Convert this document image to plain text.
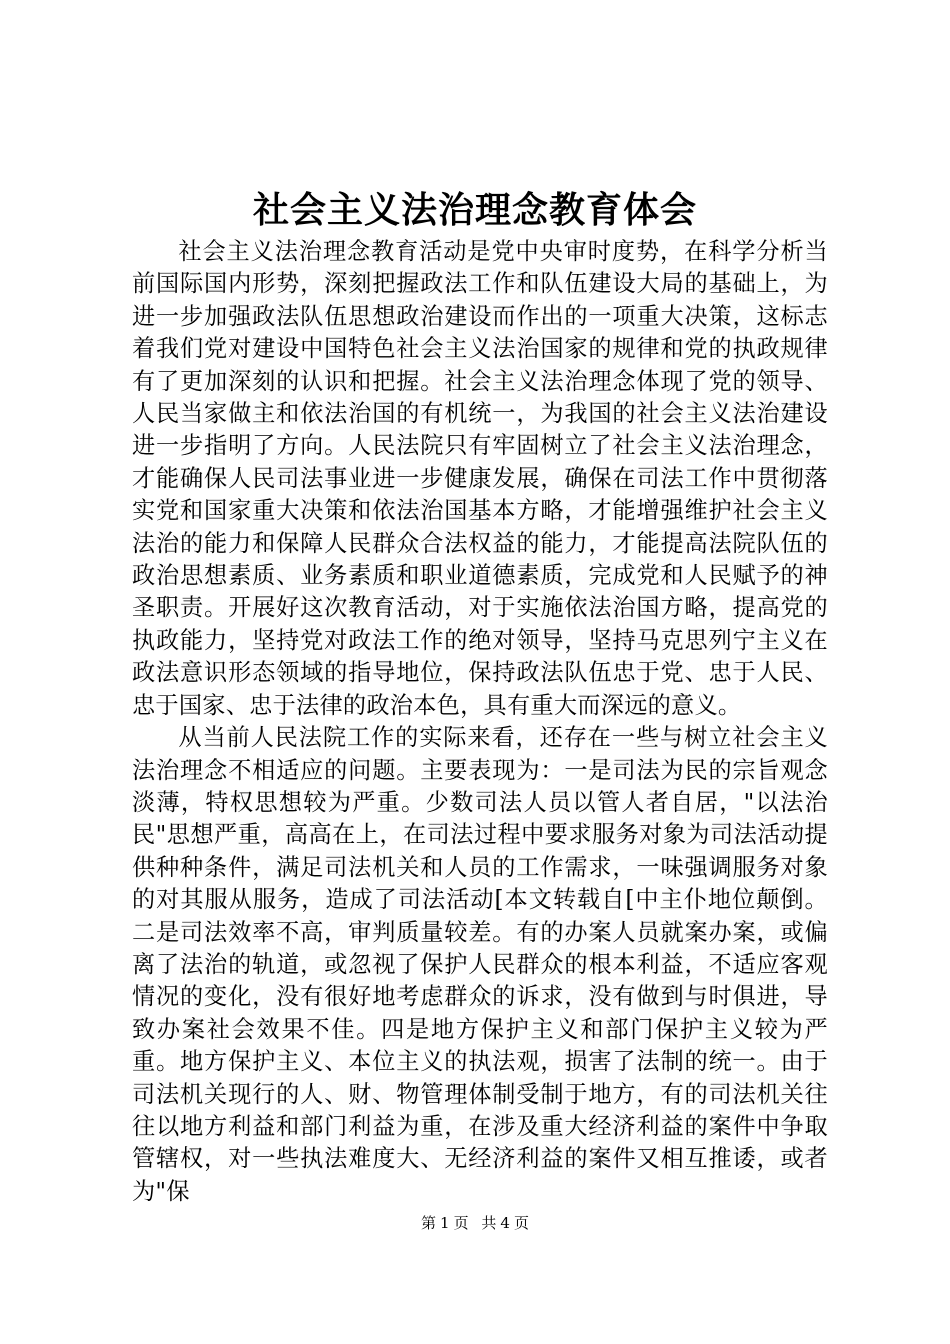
社会主义法治理念教育体会

社会主义法治理念教育活动是党中央审时度势，在科学分析当前国际国内形势，深刻把握政法工作和队伍建设大局的基础上，为进一步加强政法队伍思想政治建设而作出的一项重大决策，这标志着我们党对建设中国特色社会主义法治国家的规律和党的执政规律有了更加深刻的认识和把握。社会主义法治理念体现了党的领导、人民当家做主和依法治国的有机统一，为我国的社会主义法治建设进一步指明了方向。人民法院只有牢固树立了社会主义法治理念，才能确保人民司法事业进一步健康发展，确保在司法工作中贯彻落实党和国家重大决策和依法治国基本方略，才能增强维护社会主义法治的能力和保障人民群众合法权益的能力，才能提高法院队伍的政治思想素质、业务素质和职业道德素质，完成党和人民赋予的神圣职责。开展好这次教育活动，对于实施依法治国方略，提高党的执政能力，坚持党对政法工作的绝对领导，坚持马克思列宁主义在政法意识形态领域的指导地位，保持政法队伍忠于党、忠于人民、忠于国家、忠于法律的政治本色，具有重大而深远的意义。

从当前人民法院工作的实际来看，还存在一些与树立社会主义法治理念不相适应的问题。主要表现为：一是司法为民的宗旨观念淡薄，特权思想较为严重。少数司法人员以管人者自居，"以法治民"思想严重，高高在上，在司法过程中要求服务对象为司法活动提供种种条件，满足司法机关和人员的工作需求，一味强调服务对象的对其服从服务，造成了司法活动[本文转载自[中主仆地位颠倒。二是司法效率不高，审判质量较差。有的办案人员就案办案，或偏离了法治的轨道，或忽视了保护人民群众的根本利益，不适应客观情况的变化，没有很好地考虑群众的诉求，没有做到与时俱进，导致办案社会效果不佳。四是地方保护主义和部门保护主义较为严重。地方保护主义、本位主义的执法观，损害了法制的统一。由于司法机关现行的人、财、物管理体制受制于地方，有的司法机关往往以地方利益和部门利益为重，在涉及重大经济利益的案件中争取管辖权，对一些执法难度大、无经济利益的案件又相互推诿，或者为"保

第 1 页 共 4 页
